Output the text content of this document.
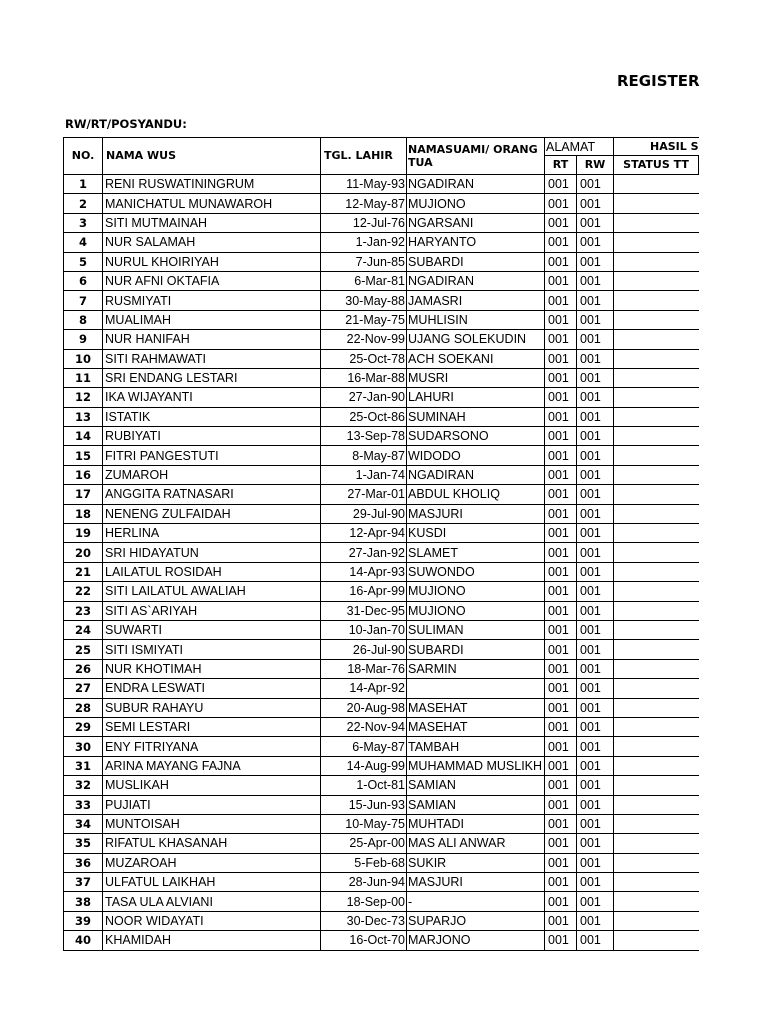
REGISTER
RW/RT/POSYANDU:
NO.	NAMA WUS	TGL. LAHIR	NAMASUAMI/ ORANG TUA	ALAMAT		HASIL S
				RT	RW	STATUS TT
1	RENI RUSWATININGRUM	11-May-93	NGADIRAN	001	001	
2	MANICHATUL MUNAWAROH	12-May-87	MUJIONO	001	001	
3	SITI MUTMAINAH	12-Jul-76	NGARSANI	001	001	
4	NUR SALAMAH	1-Jan-92	HARYANTO	001	001	
5	NURUL KHOIRIYAH	7-Jun-85	SUBARDI	001	001	
6	NUR AFNI OKTAFIA	6-Mar-81	NGADIRAN	001	001	
7	RUSMIYATI	30-May-88	JAMASRI	001	001	
8	MUALIMAH	21-May-75	MUHLISIN	001	001	
9	NUR HANIFAH	22-Nov-99	UJANG SOLEKUDIN	001	001	
10	SITI RAHMAWATI	25-Oct-78	ACH SOEKANI	001	001	
11	SRI ENDANG LESTARI	16-Mar-88	MUSRI	001	001	
12	IKA WIJAYANTI	27-Jan-90	LAHURI	001	001	
13	ISTATIK	25-Oct-86	SUMINAH	001	001	
14	RUBIYATI	13-Sep-78	SUDARSONO	001	001	
15	FITRI PANGESTUTI	8-May-87	WIDODO	001	001	
16	ZUMAROH	1-Jan-74	NGADIRAN	001	001	
17	ANGGITA RATNASARI	27-Mar-01	ABDUL KHOLIQ	001	001	
18	NENENG ZULFAIDAH	29-Jul-90	MASJURI	001	001	
19	HERLINA	12-Apr-94	KUSDI	001	001	
20	SRI HIDAYATUN	27-Jan-92	SLAMET	001	001	
21	LAILATUL ROSIDAH	14-Apr-93	SUWONDO	001	001	
22	SITI LAILATUL AWALIAH	16-Apr-99	MUJIONO	001	001	
23	SITI AS`ARIYAH	31-Dec-95	MUJIONO	001	001	
24	SUWARTI	10-Jan-70	SULIMAN	001	001	
25	SITI ISMIYATI	26-Jul-90	SUBARDI	001	001	
26	NUR KHOTIMAH	18-Mar-76	SARMIN	001	001	
27	ENDRA LESWATI	14-Apr-92		001	001	
28	SUBUR RAHAYU	20-Aug-98	MASEHAT	001	001	
29	SEMI LESTARI	22-Nov-94	MASEHAT	001	001	
30	ENY FITRIYANA	6-May-87	TAMBAH	001	001	
31	ARINA MAYANG FAJNA	14-Aug-99	MUHAMMAD MUSLIKH	001	001	
32	MUSLIKAH	1-Oct-81	SAMIAN	001	001	
33	PUJIATI	15-Jun-93	SAMIAN	001	001	
34	MUNTOISAH	10-May-75	MUHTADI	001	001	
35	RIFATUL KHASANAH	25-Apr-00	MAS ALI ANWAR	001	001	
36	MUZAROAH	5-Feb-68	SUKIR	001	001	
37	ULFATUL LAIKHAH	28-Jun-94	MASJURI	001	001	
38	TASA ULA ALVIANI	18-Sep-00	-	001	001	
39	NOOR WIDAYATI	30-Dec-73	SUPARJO	001	001	
40	KHAMIDAH	16-Oct-70	MARJONO	001	001	
